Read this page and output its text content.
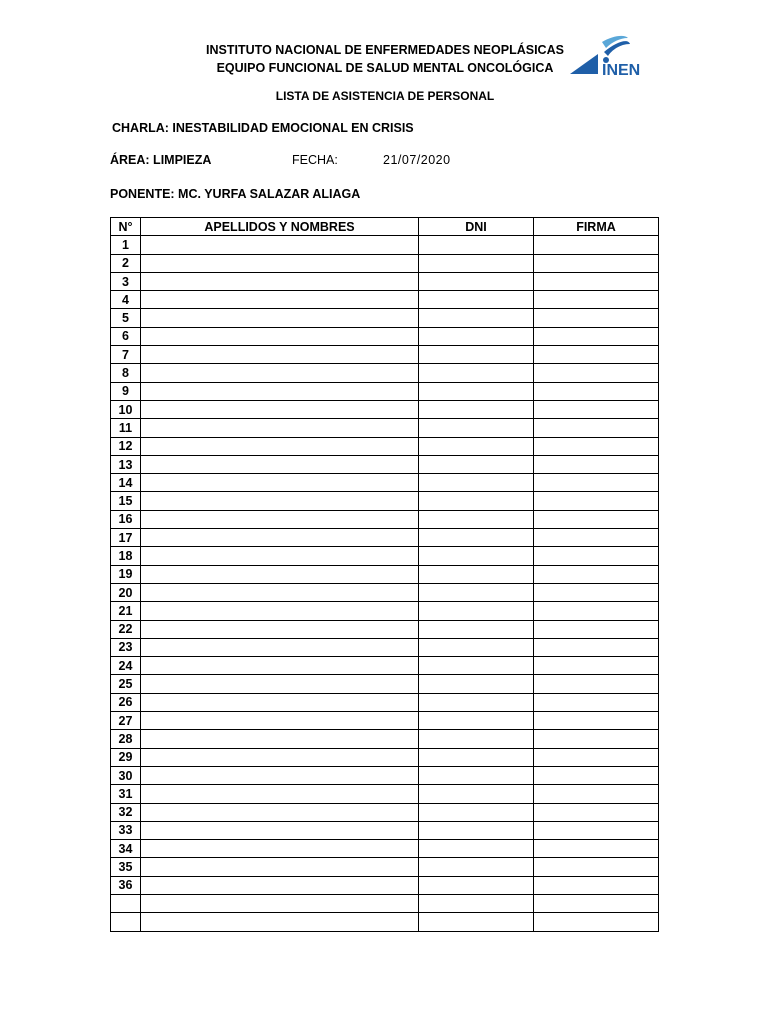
INSTITUTO NACIONAL DE ENFERMEDADES NEOPLÁSICAS
EQUIPO FUNCIONAL DE SALUD MENTAL ONCOLÓGICA	INEN
LISTA DE ASISTENCIA DE PERSONAL
CHARLA: INESTABILIDAD EMOCIONAL EN CRISIS
ÁREA: LIMPIEZA	FECHA:	21/07/2020
PONENTE: MC. YURFA SALAZAR ALIAGA
N°	APELLIDOS Y NOMBRES	DNI	FIRMA
1			
2			
3			
4			
5			
6			
7			
8			
9			
10			
11			
12			
13			
14			
15			
16			
17			
18			
19			
20			
21			
22			
23			
24			
25			
26			
27			
28			
29			
30			
31			
32			
33			
34			
35			
36			
